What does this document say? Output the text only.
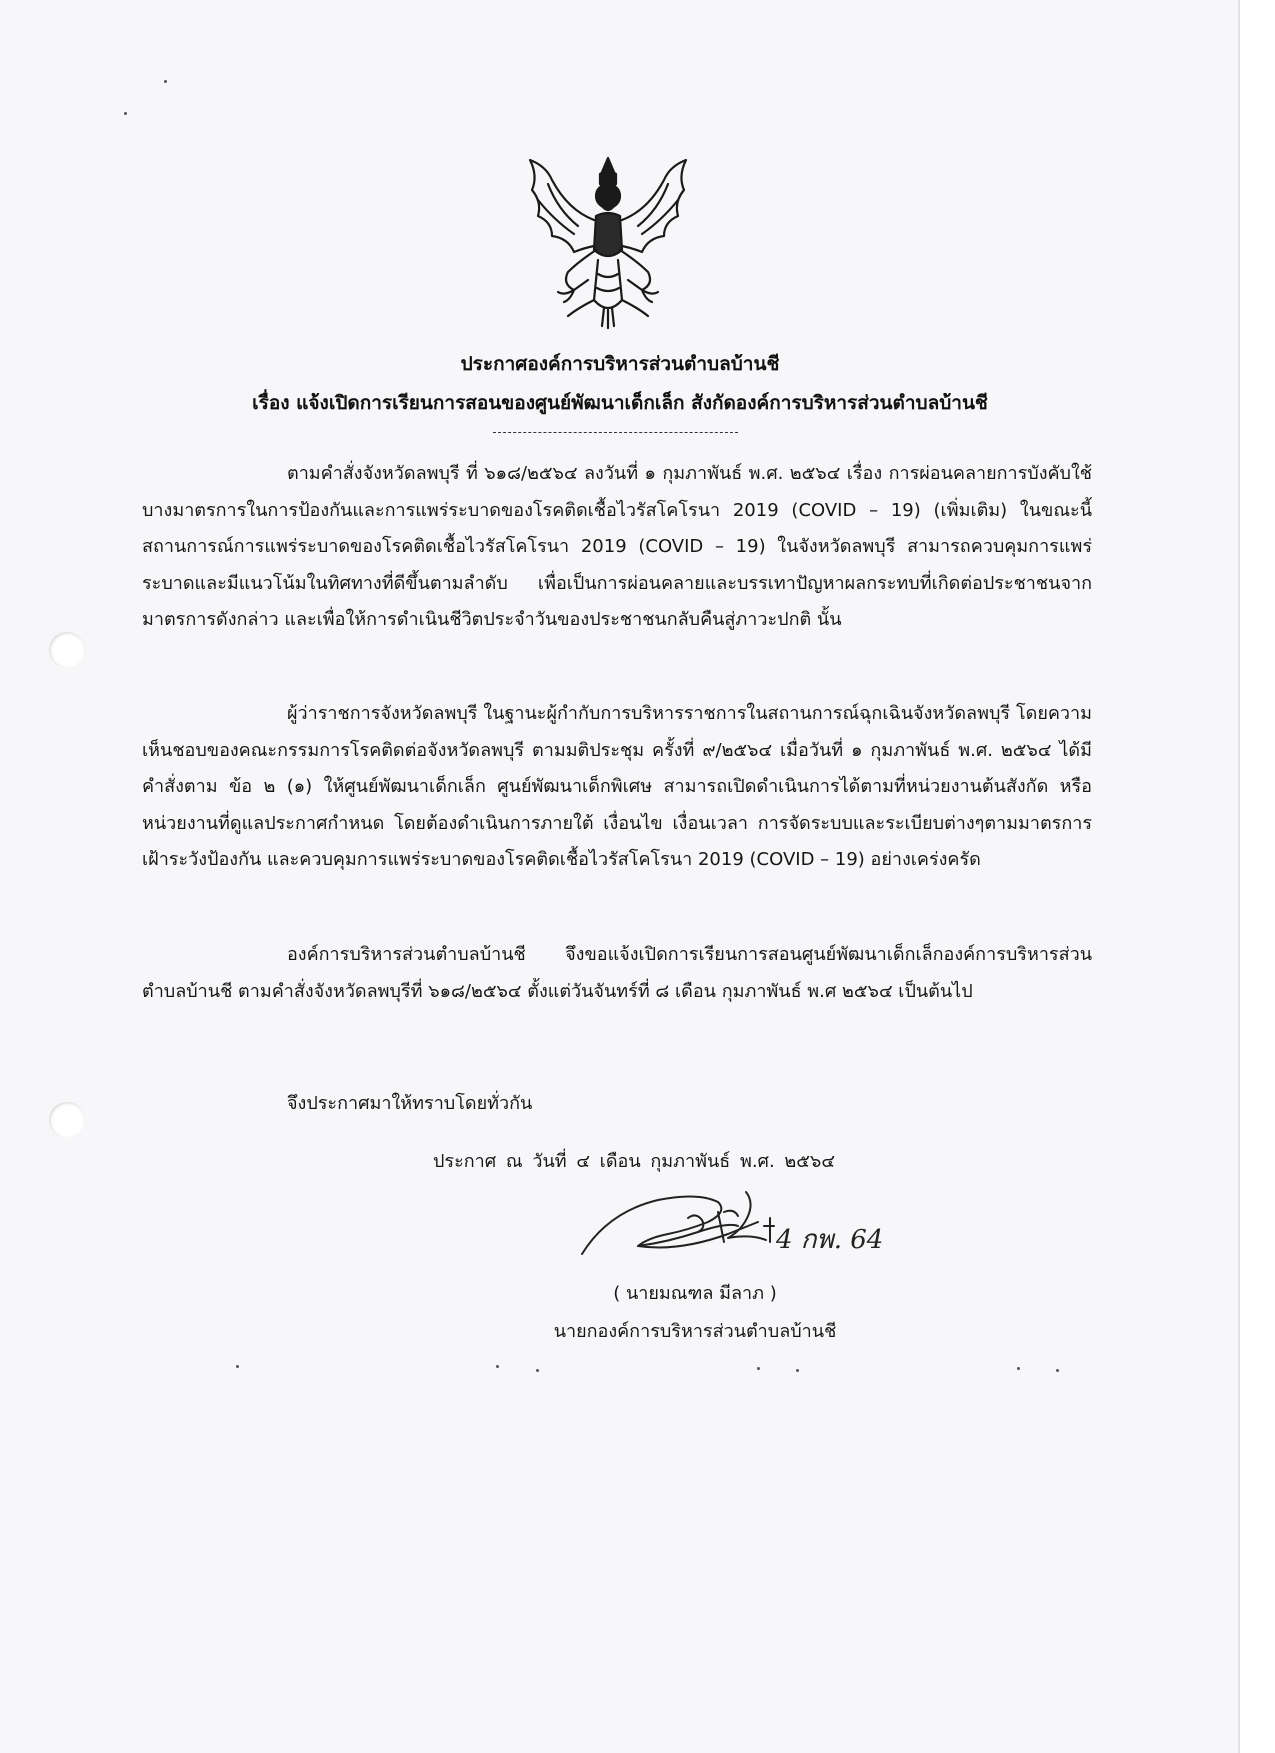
ประกาศองค์การบริหารส่วนตำบลบ้านชี
เรื่อง แจ้งเปิดการเรียนการสอนของศูนย์พัฒนาเด็กเล็ก สังกัดองค์การบริหารส่วนตำบลบ้านชี
ตามคำสั่งจังหวัดลพบุรี ที่ ๖๑๘/๒๕๖๔ ลงวันที่ ๑ กุมภาพันธ์ พ.ศ. ๒๕๖๔ เรื่อง การผ่อนคลายการบังคับใช้บางมาตรการในการป้องกันและการแพร่ระบาดของโรคติดเชื้อไวรัสโคโรนา 2019 (COVID – 19) (เพิ่มเติม) ในขณะนี้สถานการณ์การแพร่ระบาดของโรคติดเชื้อไวรัสโคโรนา 2019 (COVID – 19) ในจังหวัดลพบุรี สามารถควบคุมการแพร่ระบาดและมีแนวโน้มในทิศทางที่ดีขึ้นตามลำดับ เพื่อเป็นการผ่อนคลายและบรรเทาปัญหาผลกระทบที่เกิดต่อประชาชนจากมาตรการดังกล่าว และเพื่อให้การดำเนินชีวิตประจำวันของประชาชนกลับคืนสู่ภาวะปกติ นั้น
ผู้ว่าราชการจังหวัดลพบุรี ในฐานะผู้กำกับการบริหารราชการในสถานการณ์ฉุกเฉินจังหวัดลพบุรี โดยความเห็นชอบของคณะกรรมการโรคติดต่อจังหวัดลพบุรี ตามมติประชุม ครั้งที่ ๙/๒๕๖๔ เมื่อวันที่ ๑ กุมภาพันธ์ พ.ศ. ๒๕๖๔ ได้มีคำสั่งตาม ข้อ ๒ (๑) ให้ศูนย์พัฒนาเด็กเล็ก ศูนย์พัฒนาเด็กพิเศษ สามารถเปิดดำเนินการได้ตามที่หน่วยงานต้นสังกัด หรือหน่วยงานที่ดูแลประกาศกำหนด โดยต้องดำเนินการภายใต้ เงื่อนไข เงื่อนเวลา การจัดระบบและระเบียบต่างๆตามมาตรการเฝ้าระวังป้องกัน และควบคุมการแพร่ระบาดของโรคติดเชื้อไวรัสโคโรนา 2019 (COVID – 19) อย่างเคร่งครัด
องค์การบริหารส่วนตำบลบ้านชี จึงขอแจ้งเปิดการเรียนการสอนศูนย์พัฒนาเด็กเล็กองค์การบริหารส่วนตำบลบ้านชี ตามคำสั่งจังหวัดลพบุรีที่ ๖๑๘/๒๕๖๔ ตั้งแต่วันจันทร์ที่ ๘ เดือน กุมภาพันธ์ พ.ศ ๒๕๖๔ เป็นต้นไป
จึงประกาศมาให้ทราบโดยทั่วกัน
ประกาศ ณ วันที่ ๔ เดือน กุมภาพันธ์ พ.ศ. ๒๕๖๔
4 กพ. 64
( นายมณฑล มีลาภ )
นายกองค์การบริหารส่วนตำบลบ้านชี
